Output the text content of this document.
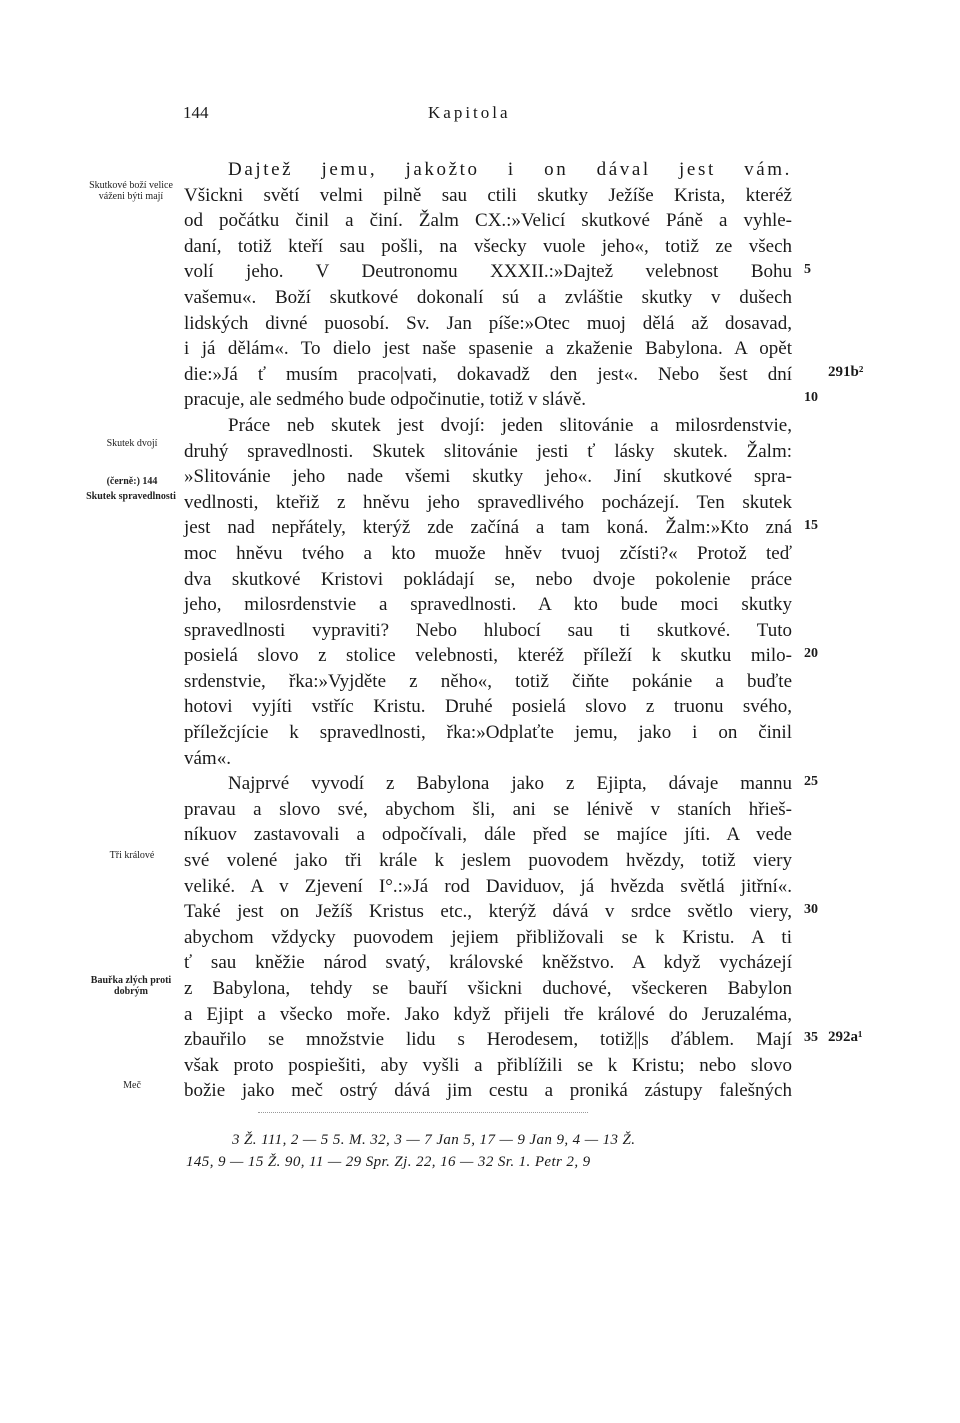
144	Kapitola
Skutkové boží velice váženi býti mají
Skutek dvojí
(černě:) 144
Skutek spravedlnosti
Tři králové
Bauřka zlých proti dobrým
Meč
Dajtež jemu, jakožto i on dával jest vám.
Všickni světí velmi pilně sau ctili skutky Ježíše Krista, kteréž
od počátku činil a činí. Žalm CX.:»Velicí skutkové Páně a vyhle-
daní, totiž kteří sau pošli, na všecky vuole jeho«, totiž ze všech
volí jeho. V Deutronomu XXXII.:»Dajtež velebnost Bohu
vašemu«. Boží skutkové dokonalí sú a zvláštie skutky v dušech
lidských divné puosobí. Sv. Jan píše:»Otec muoj dělá až dosavad,
i já dělám«. To dielo jest naše spasenie a zkaženie Babylona. A opět
die:»Já ť musím praco|vati, dokavadž den jest«. Nebo šest dní
pracuje, ale sedmého bude odpočinutie, totiž v slávě.
Práce neb skutek jest dvojí: jeden slitovánie a milosrdenstvie,
druhý spravedlnosti. Skutek slitovánie jesti ť lásky skutek. Žalm:
»Slitovánie jeho nade všemi skutky jeho«. Jiní skutkové spra-
vedlnosti, kteřiž z hněvu jeho spravedlivého pocházejí. Ten skutek
jest nad nepřátely, kterýž zde začíná a tam koná. Žalm:»Kto zná
moc hněvu tvého a kto muože hněv tvuoj zčísti?« Protož teď
dva skutkové Kristovi pokládají se, nebo dvoje pokolenie práce
jeho, milosrdenstvie a spravedlnosti. A kto bude moci skutky
spravedlnosti vypraviti? Nebo hlubocí sau ti skutkové. Tuto
posielá slovo z stolice velebnosti, kteréž přílеží k skutku milo-
srdenstvie, řka:»Vyjděte z něho«, totiž čiňte pokánie a buďte
hotovi vyjíti vstříc Kristu. Druhé posielá slovo z truonu svého,
příležcjície k spravedlnosti, řka:»Odplaťte jemu, jako i on činil
vám«.
Najprvé vyvodí z Babylona jako z Ejipta, dávaje mannu
pravau a slovo své, abychom šli, ani se lénivě v staních hřieš-
níkuov zastavovali a odpočívali, dále před se majíce jíti. A vede
své volené jako tři krále k jeslem puovodem hvězdy, totiž viery
veliké. A v Zjevení I°.:»Já rod Daviduov, já hvězda světlá jitřní«.
Také jest on Ježíš Kristus etc., kterýž dává v srdce světlo viery,
abychom vždycky puovodem jejiem přibližovali se k Kristu. A ti
ť sau kněžie národ svatý, královské kněžstvo. A když vycházejí
z Babylona, tehdy se bauří všickni duchové, všeckeren Babylon
a Ejipt a všecko moře. Jako když přijeli tře králové do Jeruzaléma,
zbauřilo se množstvie lidu s Herodesem, totiž||s ďáblem. Mají
však proto pospiešiti, aby vyšli a přiblížili se k Kristu; nebo slovo
božie jako meč ostrý dává jim cestu a proniká zástupy falešných
5
10
15
20
25
30
35
291b²
292a¹
3 Ž. 111, 2 — 5 5. M. 32, 3 — 7 Jan 5, 17 — 9 Jan 9, 4 — 13 Ž.
145, 9 — 15 Ž. 90, 11 — 29 Spr. Zj. 22, 16 — 32 Sr. 1. Petr 2, 9
